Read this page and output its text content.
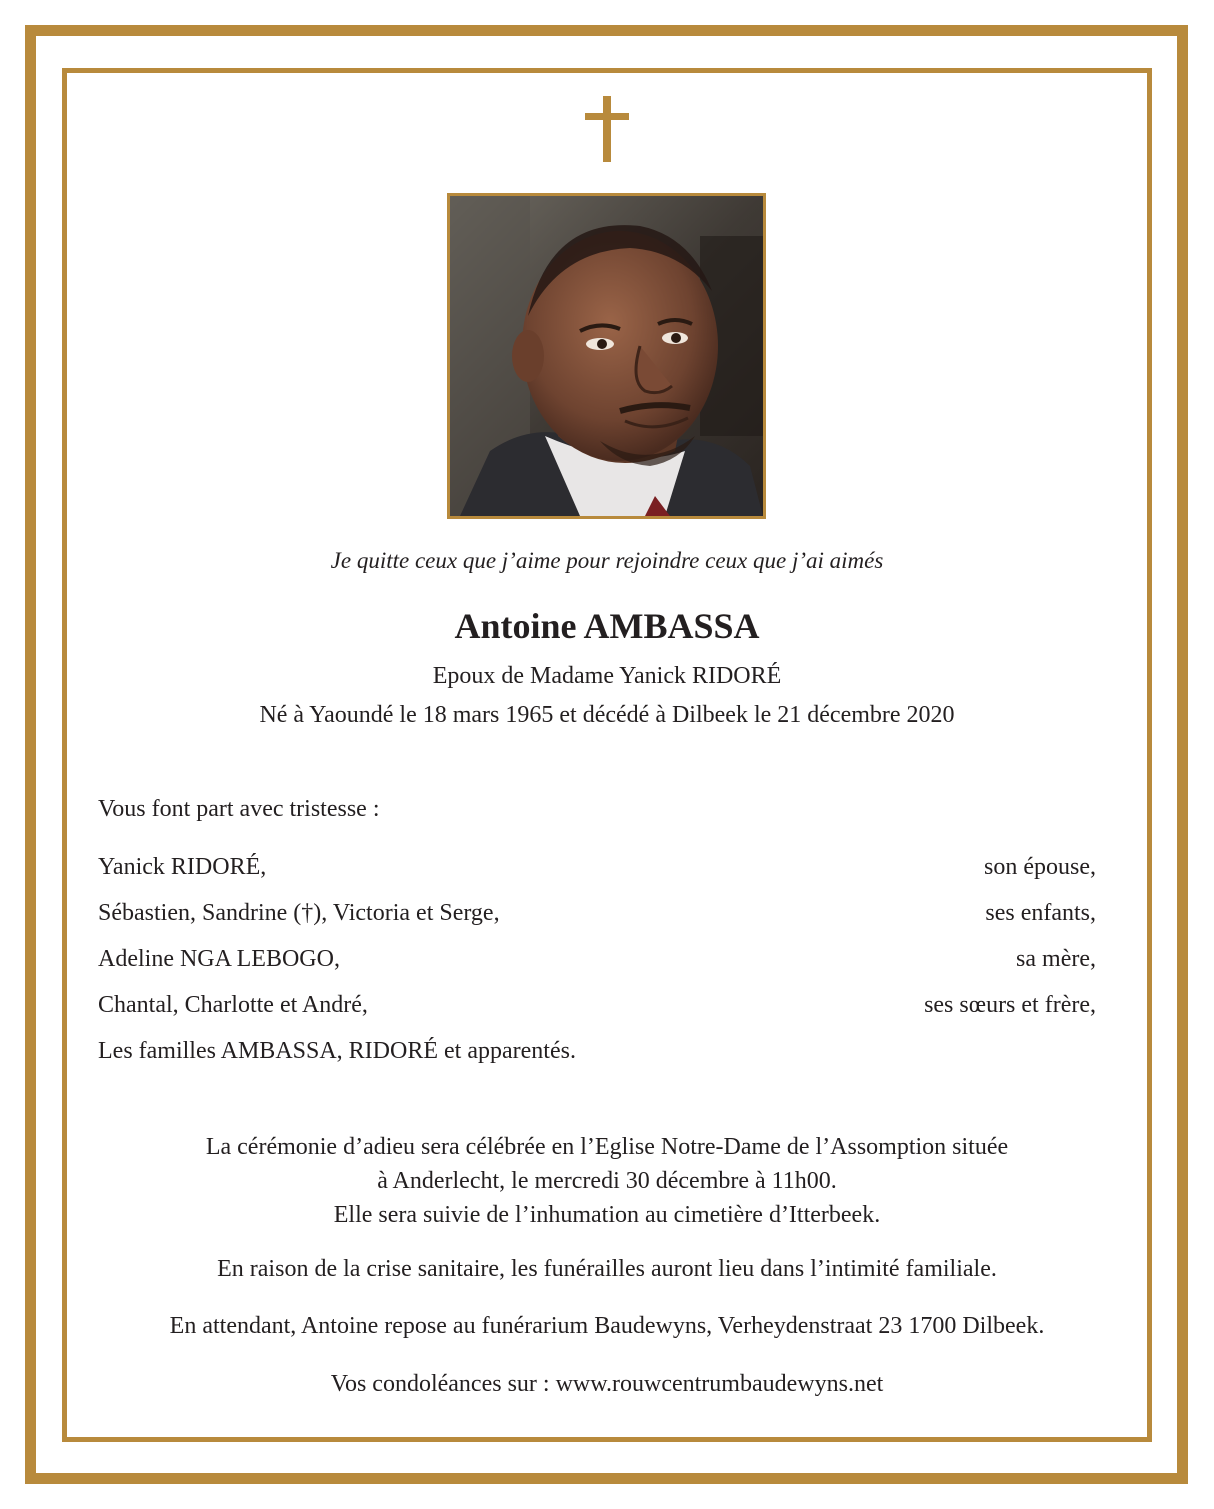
Je quitte ceux que j’aime pour rejoindre ceux que j’ai aimés
Antoine AMBASSA
Epoux de Madame Yanick RIDORÉ
Né à Yaoundé le 18 mars 1965 et décédé à Dilbeek le 21 décembre 2020
Vous font part avec tristesse :
Yanick RIDORÉ,	son épouse,
Sébastien, Sandrine (†), Victoria et Serge,	ses enfants,
Adeline NGA LEBOGO,	sa mère,
Chantal, Charlotte et André,	ses sœurs et frère,
Les familles AMBASSA, RIDORÉ et apparentés.
La cérémonie d’adieu sera célébrée en l’Eglise Notre-Dame de l’Assomption située
à Anderlecht, le mercredi 30 décembre à 11h00.
Elle sera suivie de l’inhumation au cimetière d’Itterbeek.
En raison de la crise sanitaire, les funérailles auront lieu dans l’intimité familiale.
En attendant, Antoine repose au funérarium Baudewyns, Verheydenstraat 23 1700 Dilbeek.
Vos condoléances sur : www.rouwcentrumbaudewyns.net
